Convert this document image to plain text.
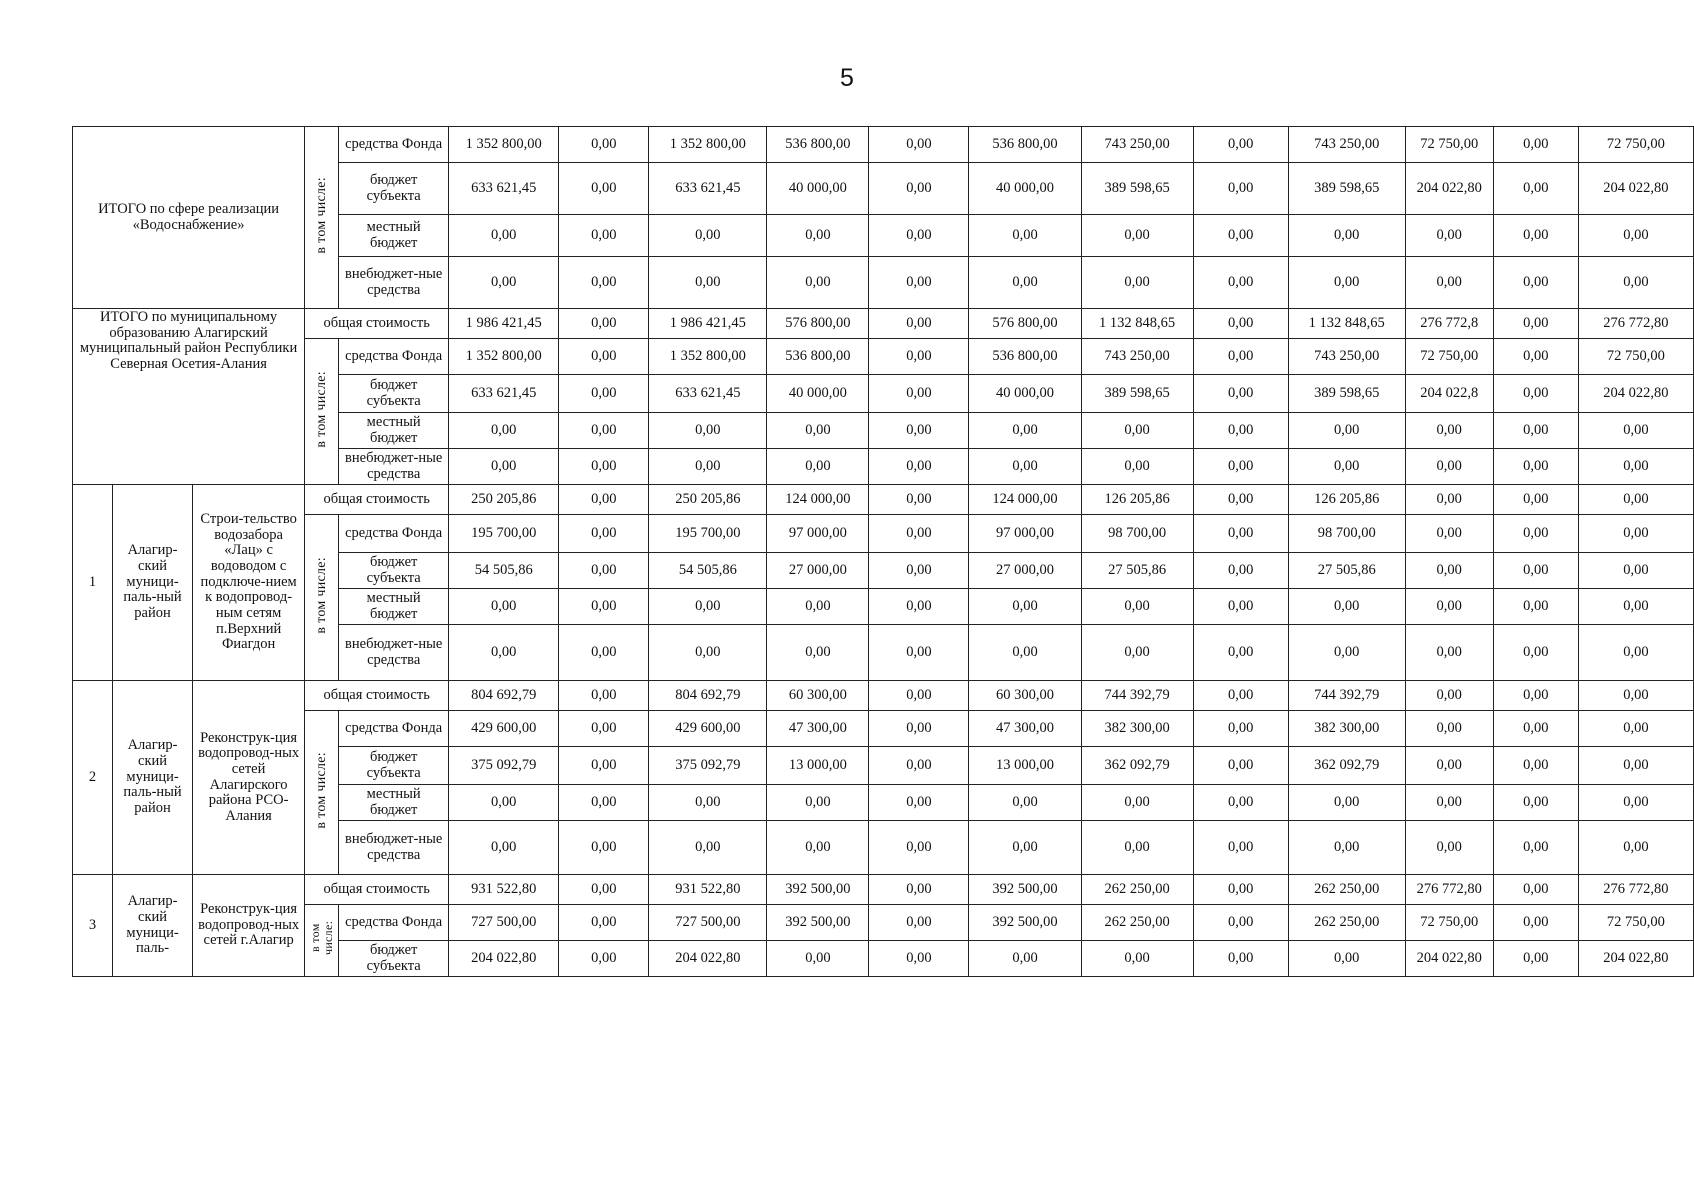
5
ИТОГО по сфере реализации «Водоснабжение»			в том числе:	средства Фонда	1 352 800,00	0,00	1 352 800,00	536 800,00	0,00	536 800,00	743 250,00	0,00	743 250,00	72 750,00	0,00	72 750,00
				бюджет субъекта	633 621,45	0,00	633 621,45	40 000,00	0,00	40 000,00	389 598,65	0,00	389 598,65	204 022,80	0,00	204 022,80
				местный бюджет	0,00	0,00	0,00	0,00	0,00	0,00	0,00	0,00	0,00	0,00	0,00	0,00
				внебюджет-ные средства	0,00	0,00	0,00	0,00	0,00	0,00	0,00	0,00	0,00	0,00	0,00	0,00
ИТОГО по муниципальному образованию Алагирский муниципальный район Республики Северная Осетия-Алания			общая стоимость		1 986 421,45	0,00	1 986 421,45	576 800,00	0,00	576 800,00	1 132 848,65	0,00	1 132 848,65	276 772,8	0,00	276 772,80
			в том числе:	средства Фонда	1 352 800,00	0,00	1 352 800,00	536 800,00	0,00	536 800,00	743 250,00	0,00	743 250,00	72 750,00	0,00	72 750,00
				бюджет субъекта	633 621,45	0,00	633 621,45	40 000,00	0,00	40 000,00	389 598,65	0,00	389 598,65	204 022,8	0,00	204 022,80
				местный бюджет	0,00	0,00	0,00	0,00	0,00	0,00	0,00	0,00	0,00	0,00	0,00	0,00
				внебюджет-ные средства	0,00	0,00	0,00	0,00	0,00	0,00	0,00	0,00	0,00	0,00	0,00	0,00
1	Алагир-ский муници-паль-ный район	Строи-тельство водозабора «Лац» с водоводом с подключе-нием к водопровод-ным сетям п.Верхний Фиагдон	общая стоимость		250 205,86	0,00	250 205,86	124 000,00	0,00	124 000,00	126 205,86	0,00	126 205,86	0,00	0,00	0,00
			в том числе:	средства Фонда	195 700,00	0,00	195 700,00	97 000,00	0,00	97 000,00	98 700,00	0,00	98 700,00	0,00	0,00	0,00
				бюджет субъекта	54 505,86	0,00	54 505,86	27 000,00	0,00	27 000,00	27 505,86	0,00	27 505,86	0,00	0,00	0,00
				местный бюджет	0,00	0,00	0,00	0,00	0,00	0,00	0,00	0,00	0,00	0,00	0,00	0,00
				внебюджет-ные средства	0,00	0,00	0,00	0,00	0,00	0,00	0,00	0,00	0,00	0,00	0,00	0,00
2	Алагир-ский муници-паль-ный район	Реконструк-ция водопровод-ных сетей Алагирского района РСО-Алания	общая стоимость		804 692,79	0,00	804 692,79	60 300,00	0,00	60 300,00	744 392,79	0,00	744 392,79	0,00	0,00	0,00
			в том числе:	средства Фонда	429 600,00	0,00	429 600,00	47 300,00	0,00	47 300,00	382 300,00	0,00	382 300,00	0,00	0,00	0,00
				бюджет субъекта	375 092,79	0,00	375 092,79	13 000,00	0,00	13 000,00	362 092,79	0,00	362 092,79	0,00	0,00	0,00
				местный бюджет	0,00	0,00	0,00	0,00	0,00	0,00	0,00	0,00	0,00	0,00	0,00	0,00
				внебюджет-ные средства	0,00	0,00	0,00	0,00	0,00	0,00	0,00	0,00	0,00	0,00	0,00	0,00
3	Алагир-ский муници-паль-	Реконструк-ция водопровод-ных сетей г.Алагир	общая стоимость		931 522,80	0,00	931 522,80	392 500,00	0,00	392 500,00	262 250,00	0,00	262 250,00	276 772,80	0,00	276 772,80
			в том числе:	средства Фонда	727 500,00	0,00	727 500,00	392 500,00	0,00	392 500,00	262 250,00	0,00	262 250,00	72 750,00	0,00	72 750,00
				бюджет субъекта	204 022,80	0,00	204 022,80	0,00	0,00	0,00	0,00	0,00	0,00	204 022,80	0,00	204 022,80
